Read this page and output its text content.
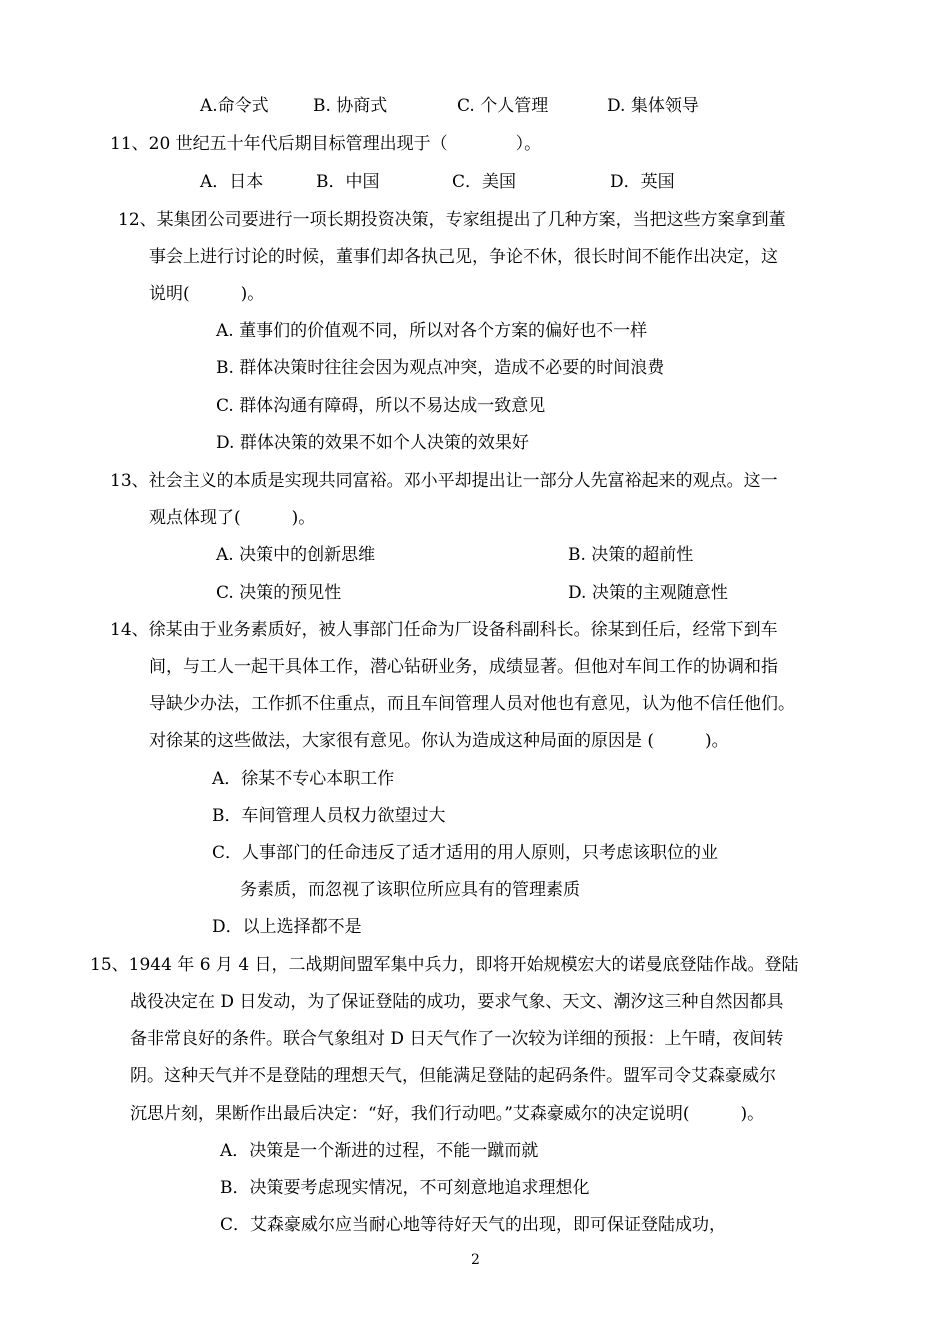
A.命令式	B. 协商式	C. 个人管理	D. 集体领导
11、20 世纪五十年代后期目标管理出现于（　　　　）。
A．日本	B．中国	C．美国	D．英国
12、某集团公司要进行一项长期投资决策，专家组提出了几种方案，当把这些方案拿到董
事会上进行讨论的时候，董事们却各执己见，争论不休，很长时间不能作出决定，这
说明(　　　)。
A. 董事们的价值观不同，所以对各个方案的偏好也不一样
B. 群体决策时往往会因为观点冲突，造成不必要的时间浪费
C. 群体沟通有障碍，所以不易达成一致意见
D. 群体决策的效果不如个人决策的效果好
13、社会主义的本质是实现共同富裕。邓小平却提出让一部分人先富裕起来的观点。这一
观点体现了(　　　)。
A. 决策中的创新思维	B. 决策的超前性
C. 决策的预见性	D. 决策的主观随意性
14、徐某由于业务素质好，被人事部门任命为厂设备科副科长。徐某到任后，经常下到车
间，与工人一起干具体工作，潜心钻研业务，成绩显著。但他对车间工作的协调和指
导缺少办法，工作抓不住重点，而且车间管理人员对他也有意见，认为他不信任他们。
对徐某的这些做法，大家很有意见。你认为造成这种局面的原因是 (　　　)。
A．徐某不专心本职工作
B．车间管理人员权力欲望过大
C．人事部门的任命违反了适才适用的用人原则，只考虑该职位的业
务素质，而忽视了该职位所应具有的管理素质
D．以上选择都不是
15、1944 年 6 月 4 日，二战期间盟军集中兵力，即将开始规模宏大的诺曼底登陆作战。登陆
战役决定在 D 日发动，为了保证登陆的成功，要求气象、天文、潮汐这三种自然因都具
备非常良好的条件。联合气象组对 D 日天气作了一次较为详细的预报：上午晴，夜间转
阴。这种天气并不是登陆的理想天气，但能满足登陆的起码条件。盟军司令艾森豪威尔
沉思片刻，果断作出最后决定：“好，我们行动吧。”艾森豪威尔的决定说明(　　　)。
A．决策是一个渐进的过程，不能一蹴而就
B．决策要考虑现实情况，不可刻意地追求理想化
C．艾森豪威尔应当耐心地等待好天气的出现，即可保证登陆成功，
2
